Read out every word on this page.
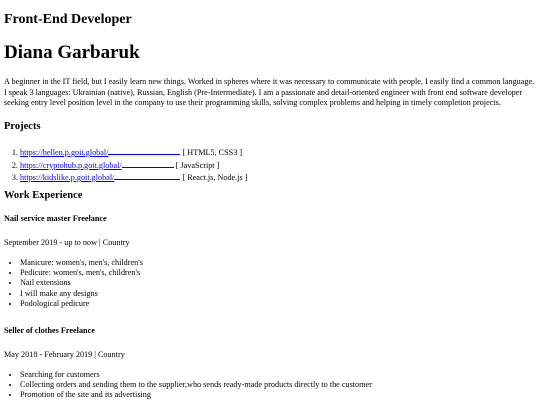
Front-End Developer
Diana Garbaruk

A beginner in the IT field, but I easily learn new things. Worked in spheres where it was necessary to communicate with people, I easily find a common language. I speak 3 languages: Ukrainian (native), Russian, English (Pre-Intermediate). I am a passionate and detail-oriented engineer with front end software developer seeking entry level position level in the company to use their programming skills, solving complex problems and helping in timely completion projects.

Projects
1. https://hellen.p.goit.global/	[ HTML5, CSS3 ]
2. https://cryptohub.p.goit.global/	[ JavaScript ]
3. https://kidslike.p.goit.global/	[ React.js, Node.js ]
Work Experience
Nail service master Freelance

September 2019 - up to now | Country

• Manicure: women's, men's, children's
• Pedicure: women's, men's, children's
• Nail extensions
• I will make any designs
• Podological pedicure
Seller of clothes Freelance

May 2018 - February 2019 | Country

• Searching for customers
• Collecting orders and sending them to the supplier,who sends ready-made products directly to the customer
• Promotion of the site and its advertising
